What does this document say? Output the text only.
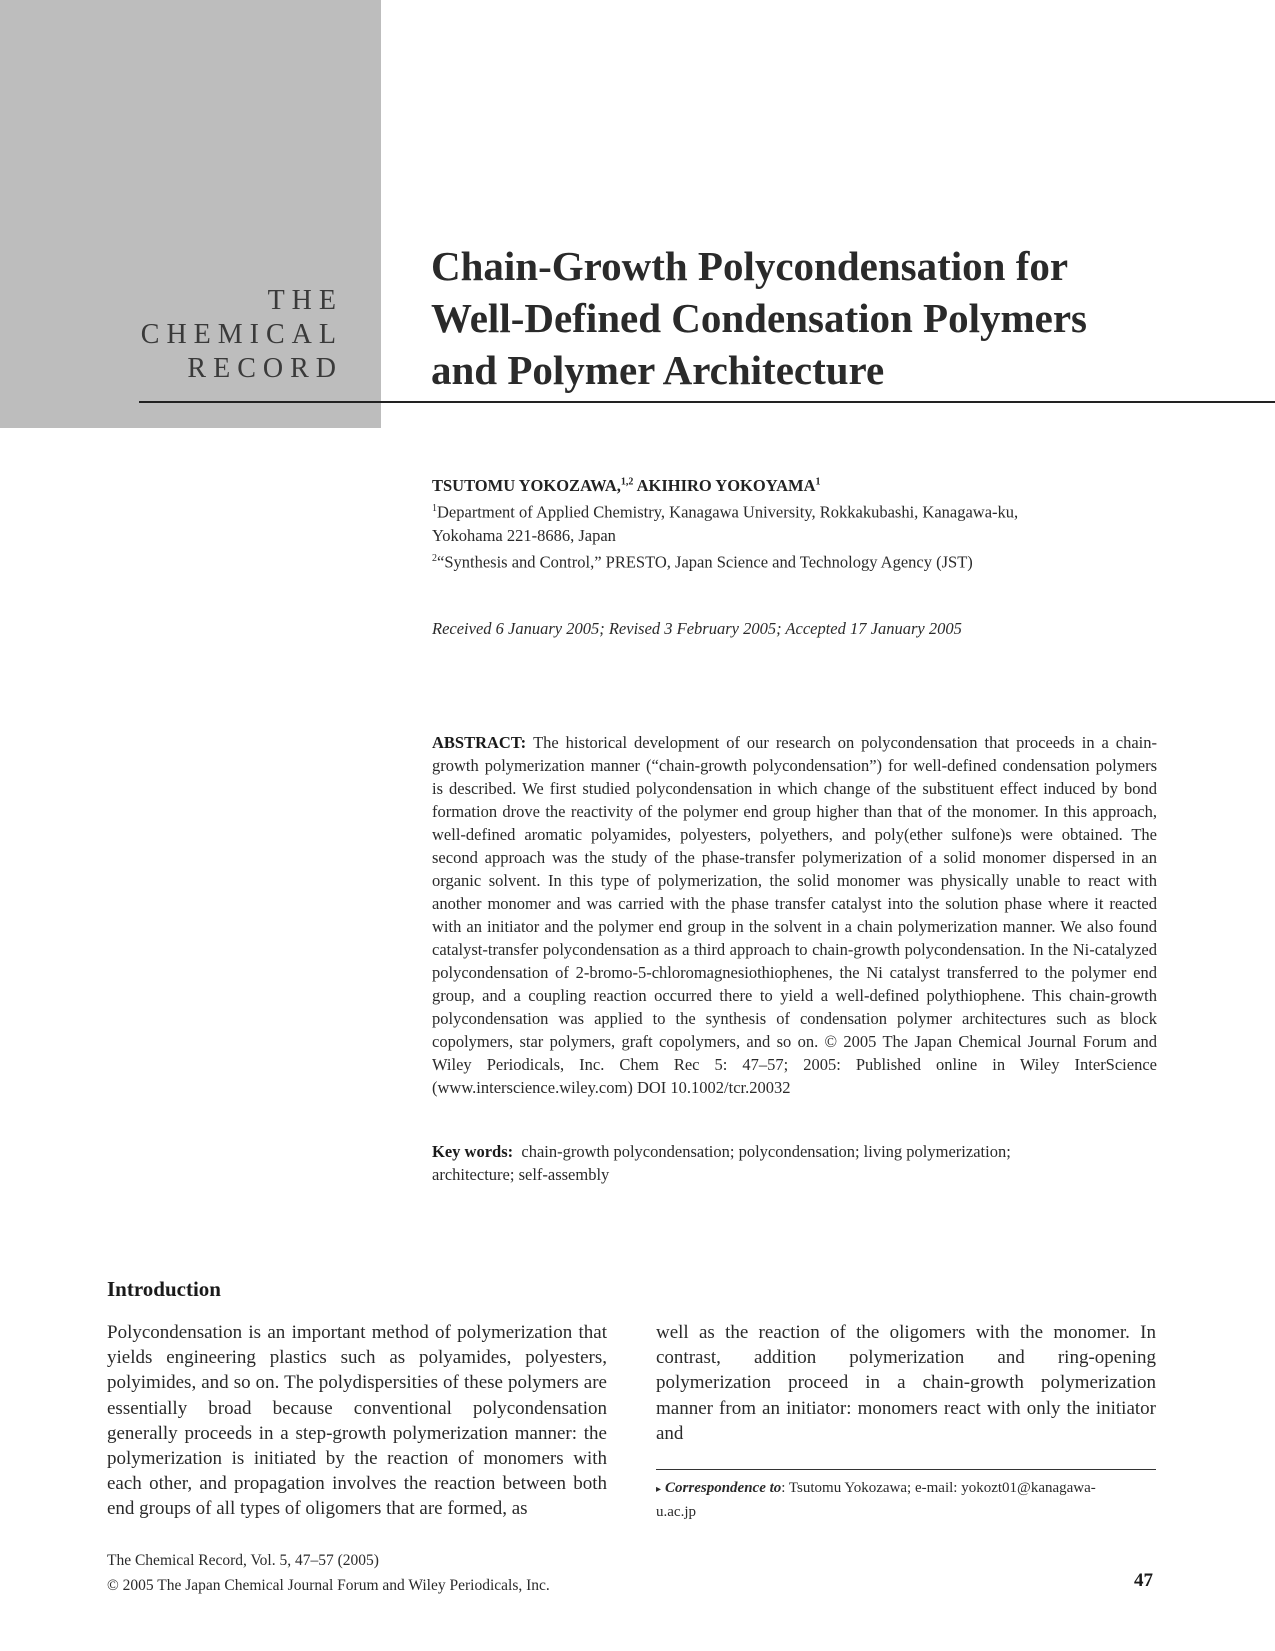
THE
CHEMICAL
RECORD
Chain-Growth Polycondensation for
Well-Defined Condensation Polymers
and Polymer Architecture
TSUTOMU YOKOZAWA,$^{1,2}$ AKIHIRO YOKOYAMA$^1$
$^1$Department of Applied Chemistry, Kanagawa University, Rokkakubashi, Kanagawa-ku,
Yokohama 221-8686, Japan
$^2$“Synthesis and Control,” PRESTO, Japan Science and Technology Agency (JST)
Received 6 January 2005; Revised 3 February 2005; Accepted 17 January 2005

ABSTRACT: The historical development of our research on polycondensation that proceeds in a chain-growth polymerization manner (“chain-growth polycondensation”) for well-defined condensation polymers is described. We first studied polycondensation in which change of the substituent effect induced by bond formation drove the reactivity of the polymer end group higher than that of the monomer. In this approach, well-defined aromatic polyamides, polyesters, polyethers, and poly(ether sulfone)s were obtained. The second approach was the study of the phase-transfer polymerization of a solid monomer dispersed in an organic solvent. In this type of polymerization, the solid monomer was physically unable to react with another monomer and was carried with the phase transfer catalyst into the solution phase where it reacted with an initiator and the polymer end group in the solvent in a chain polymerization manner. We also found catalyst-transfer polycondensation as a third approach to chain-growth polycondensation. In the Ni-catalyzed polycondensation of 2-bromo-5-chloromagnesiothiophenes, the Ni catalyst transferred to the polymer end group, and a coupling reaction occurred there to yield a well-defined polythiophene. This chain-growth polycondensation was applied to the synthesis of condensation polymer architectures such as block copolymers, star polymers, graft copolymers, and so on. © 2005 The Japan Chemical Journal Forum and Wiley Periodicals, Inc. Chem Rec 5: 47–57; 2005: Published online in Wiley InterScience (www.interscience.wiley.com) DOI 10.1002/tcr.20032

Key words: chain-growth polycondensation; polycondensation; living polymerization;
architecture; self-assembly
Introduction

Polycondensation is an important method of polymerization that yields engineering plastics such as polyamides, polyesters, polyimides, and so on. The polydispersities of these polymers are essentially broad because conventional polycondensation generally proceeds in a step-growth polymerization manner: the polymerization is initiated by the reaction of monomers with each other, and propagation involves the reaction between both end groups of all types of oligomers that are formed, as

well as the reaction of the oligomers with the monomer. In contrast, addition polymerization and ring-opening polymerization proceed in a chain-growth polymerization manner from an initiator: monomers react with only the initiator and

▸ Correspondence to: Tsutomu Yokozawa; e-mail: yokozt01@kanagawa-u.ac.jp
The Chemical Record, Vol. 5, 47–57 (2005)
© 2005 The Japan Chemical Journal Forum and Wiley Periodicals, Inc.	47
